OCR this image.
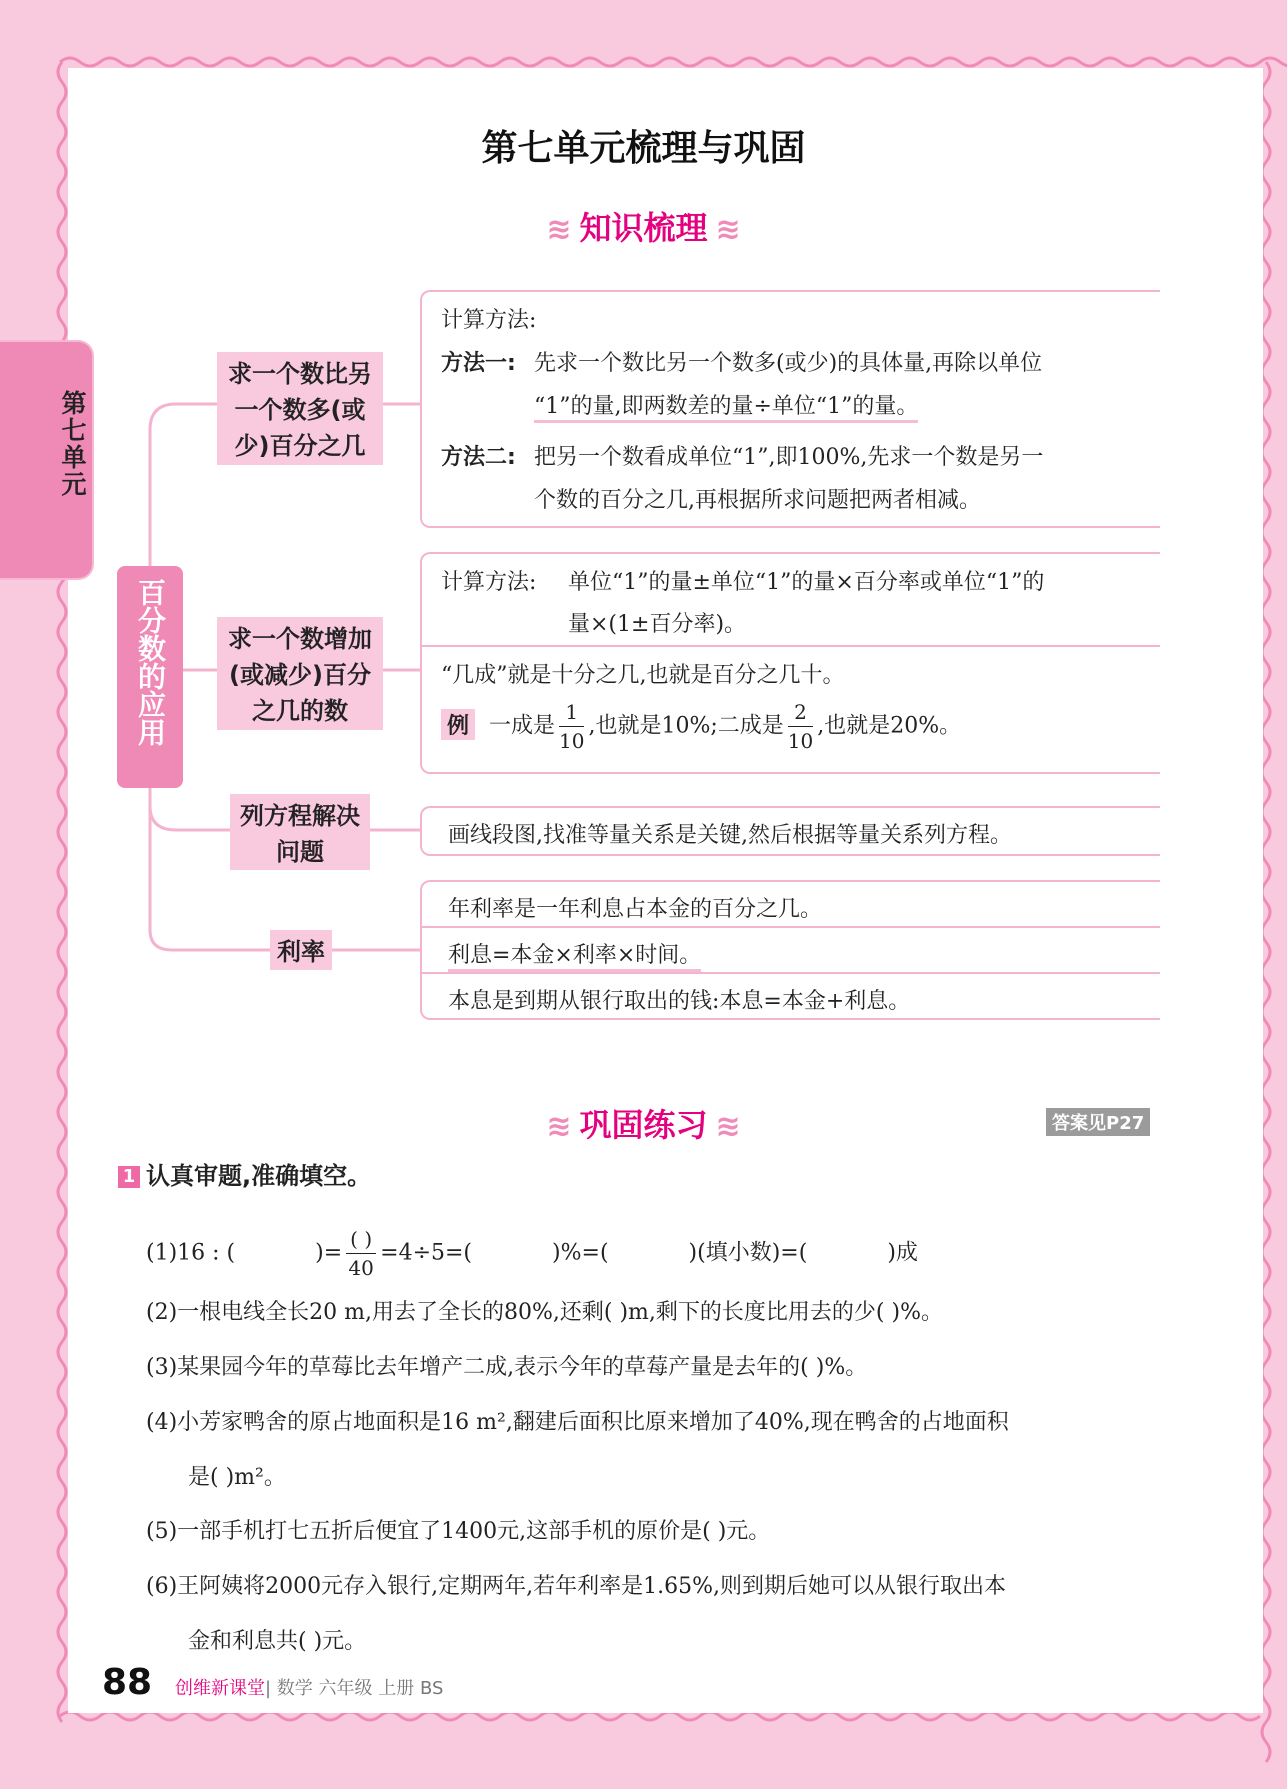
第七单元
第七单元梳理与巩固
≋ 知识梳理 ≋
百分数的应用
求一个数比另
一个数多(或
少)百分之几
求一个数增加
(或减少)百分
之几的数
列方程解决
问题
利率
计算方法:
方法一: 先求一个数比另一个数多(或少)的具体量,再除以单位
“1”的量,即两数差的量÷单位“1”的量。
方法二: 把另一个数看成单位“1”,即100%,先求一个数是另一
个数的百分之几,再根据所求问题把两者相减。
计算方法: 单位“1”的量±单位“1”的量×百分率或单位“1”的
量×(1±百分率)。
“几成”就是十分之几,也就是百分之几十。
例 一成是 $\frac{1}{10}$ ,也就是10%;二成是 $\frac{2}{10}$ ,也就是20%。
画线段图,找准等量关系是关键,然后根据等量关系列方程。
年利率是一年利息占本金的百分之几。
利息=本金×利率×时间。
本息是到期从银行取出的钱:本息=本金+利息。
≋ 巩固练习 ≋	答案见P27
1 认真审题,准确填空。
(1)16 : (	)= $\frac{( )}{40} =4\div 5=$(	)%=(	)(填小数)=(	)成
(2)一根电线全长20 m,用去了全长的80%,还剩( )m,剩下的长度比用去的少( )%。
(3)某果园今年的草莓比去年增产二成,表示今年的草莓产量是去年的( )%。
(4)小芳家鸭舍的原占地面积是16 m²,翻建后面积比原来增加了40%,现在鸭舍的占地面积
是( )m²。
(5)一部手机打七五折后便宜了1400元,这部手机的原价是( )元。
(6)王阿姨将2000元存入银行,定期两年,若年利率是1.65%,则到期后她可以从银行取出本
金和利息共( )元。
88 创维新课堂| 数学 六年级 上册 BS
